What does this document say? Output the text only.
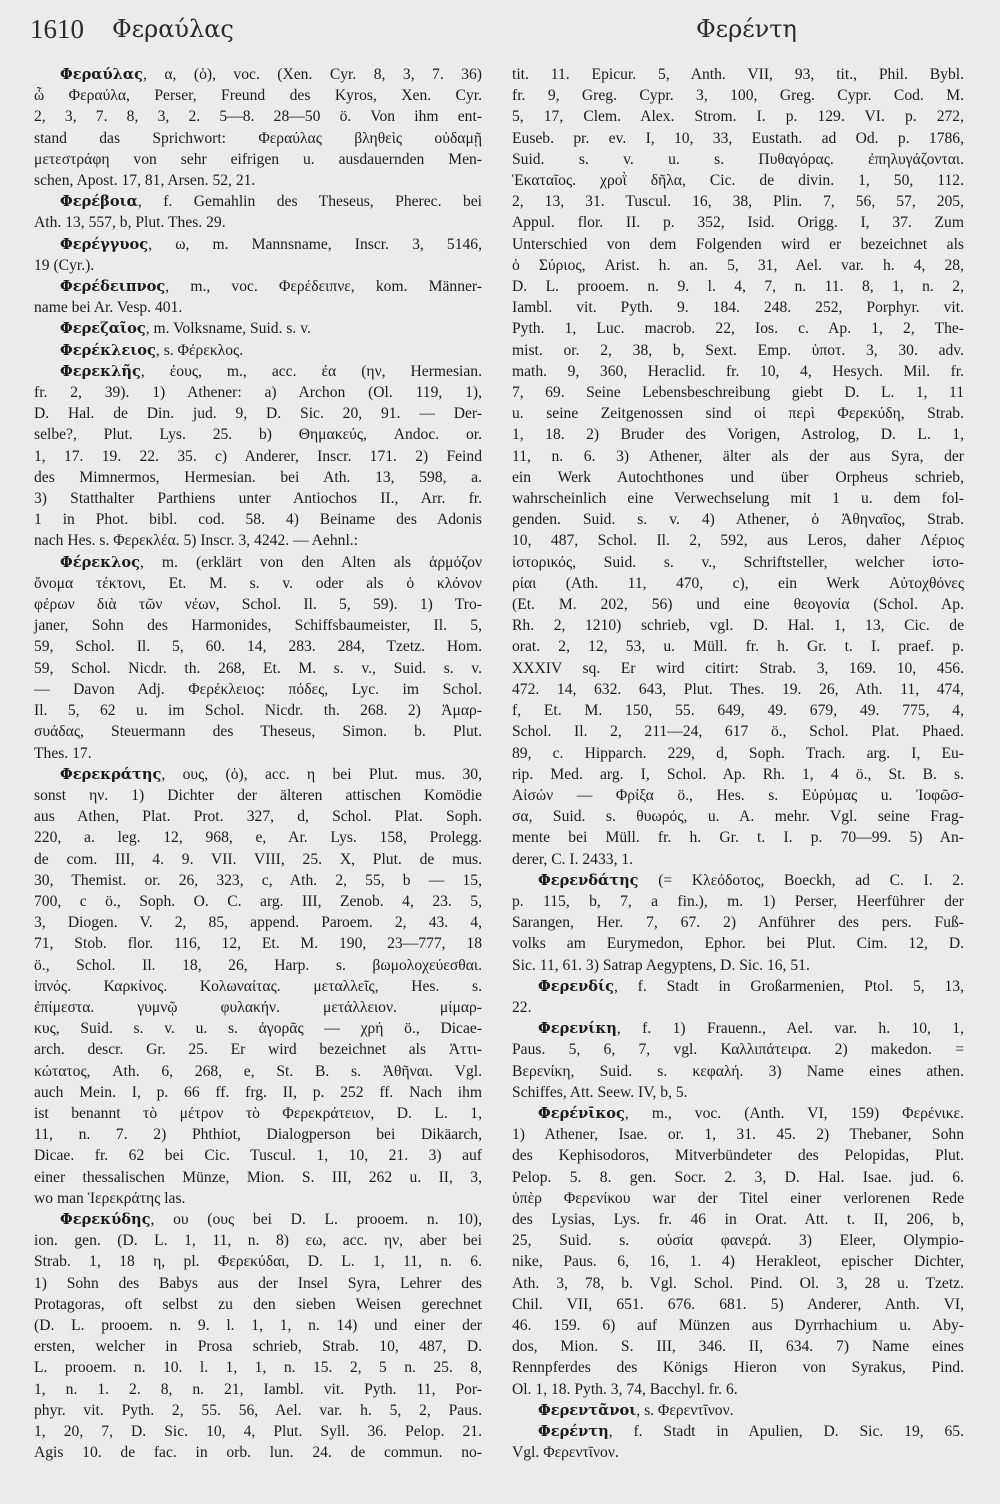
1610 Φεραύλας	Φερέντη
Φεραύλας, α, (ὁ), voc. (Xen. Cyr. 8, 3, 7. 36)
ὦ Φεραύλα, Perser, Freund des Kyros, Xen. Cyr.
2, 3, 7. 8, 3, 2. 5—8. 28—50 ö. Von ihm ent-
stand das Sprichwort: Φεραύλας βληθεὶς οὐδαμῇ
μετεστράφη von sehr eifrigen u. ausdauernden Men-
schen, Apost. 17, 81, Arsen. 52, 21.
Φερέβοια, f. Gemahlin des Theseus, Pherec. bei
Ath. 13, 557, b, Plut. Thes. 29.
Φερέγγυος, ω, m. Mannsname, Inscr. 3, 5146,
19 (Cyr.).
Φερέδειπνος, m., voc. Φερέδειπνε, kom. Männer-
name bei Ar. Vesp. 401.
Φερεζαῖος, m. Volksname, Suid. s. v.
Φερέκλειος, s. Φέρεκλος.
Φερεκλῆς, έους, m., acc. έα (ην, Hermesian.
fr. 2, 39). 1) Athener: a) Archon (Ol. 119, 1),
D. Hal. de Din. jud. 9, D. Sic. 20, 91. — Der-
selbe?, Plut. Lys. 25. b) Θημακεύς, Andoc. or.
1, 17. 19. 22. 35. c) Anderer, Inscr. 171. 2) Feind
des Mimnermos, Hermesian. bei Ath. 13, 598, a.
3) Statthalter Parthiens unter Antiochos II., Arr. fr.
1 in Phot. bibl. cod. 58. 4) Beiname des Adonis
nach Hes. s. Φερεκλέα. 5) Inscr. 3, 4242. — Aehnl.:
Φέρεκλος, m. (erklärt von den Alten als ἁρμόζον
ὄνομα τέκτονι, Et. M. s. v. oder als ὁ κλόνον
φέρων διὰ τῶν νέων, Schol. Il. 5, 59). 1) Tro-
janer, Sohn des Harmonides, Schiffsbaumeister, Il. 5,
59, Schol. Il. 5, 60. 14, 283. 284, Tzetz. Hom.
59, Schol. Nicdr. th. 268, Et. M. s. v., Suid. s. v.
— Davon Adj. Φερέκλειος: πόδες, Lyc. im Schol.
Il. 5, 62 u. im Schol. Nicdr. th. 268. 2) Ἀμαρ-
συάδας, Steuermann des Theseus, Simon. b. Plut.
Thes. 17.
Φερεκράτης, ους, (ὁ), acc. η bei Plut. mus. 30,
sonst ην. 1) Dichter der älteren attischen Komödie
aus Athen, Plat. Prot. 327, d, Schol. Plat. Soph.
220, a. leg. 12, 968, e, Ar. Lys. 158, Prolegg.
de com. III, 4. 9. VII. VIII, 25. X, Plut. de mus.
30, Themist. or. 26, 323, c, Ath. 2, 55, b — 15,
700, c ö., Soph. O. C. arg. III, Zenob. 4, 23. 5,
3, Diogen. V. 2, 85, append. Paroem. 2, 43. 4,
71, Stob. flor. 116, 12, Et. M. 190, 23—777, 18
ö., Schol. Il. 18, 26, Harp. s. βωμολοχεύεσθαι.
ἰπνός. Καρκίνος. Κολωναίτας. μεταλλεῖς, Hes. s.
ἐπίμεστα. γυμνῷ φυλακήν. μετάλλειον. μίμαρ-
κυς, Suid. s. v. u. s. ἀγορᾶς — χρή ö., Dicae-
arch. descr. Gr. 25. Er wird bezeichnet als Ἀττι-
κώτατος, Ath. 6, 268, e, St. B. s. Ἀθῆναι. Vgl.
auch Mein. I, p. 66 ff. frg. II, p. 252 ff. Nach ihm
ist benannt τὸ μέτρον τὸ Φερεκράτειον, D. L. 1,
11, n. 7. 2) Phthiot, Dialogperson bei Dikäarch,
Dicae. fr. 62 bei Cic. Tuscul. 1, 10, 21. 3) auf
einer thessalischen Münze, Mion. S. III, 262 u. II, 3,
wo man Ἱερεκράτης las.
Φερεκύδης, ου (ους bei D. L. prooem. n. 10),
ion. gen. (D. L. 1, 11, n. 8) εω, acc. ην, aber bei
Strab. 1, 18 η, pl. Φερεκύδαι, D. L. 1, 11, n. 6.
1) Sohn des Babys aus der Insel Syra, Lehrer des
Protagoras, oft selbst zu den sieben Weisen gerechnet
(D. L. prooem. n. 9. l. 1, 1, n. 14) und einer der
ersten, welcher in Prosa schrieb, Strab. 10, 487, D.
L. prooem. n. 10. l. 1, 1, n. 15. 2, 5 n. 25. 8,
1, n. 1. 2. 8, n. 21, Iambl. vit. Pyth. 11, Por-
phyr. vit. Pyth. 2, 55. 56, Ael. var. h. 5, 2, Paus.
1, 20, 7, D. Sic. 10, 4, Plut. Syll. 36. Pelop. 21.
Agis 10. de fac. in orb. lun. 24. de commun. no-
tit. 11. Epicur. 5, Anth. VII, 93, tit., Phil. Bybl.
fr. 9, Greg. Cypr. 3, 100, Greg. Cypr. Cod. M.
5, 17, Clem. Alex. Strom. I. p. 129. VI. p. 272,
Euseb. pr. ev. I, 10, 33, Eustath. ad Od. p. 1786,
Suid. s. v. u. s. Πυθαγόρας. ἐπηλυγάζονται.
Ἑκαταῖος. χροῒ δῆλα, Cic. de divin. 1, 50, 112.
2, 13, 31. Tuscul. 16, 38, Plin. 7, 56, 57, 205,
Appul. flor. II. p. 352, Isid. Origg. I, 37. Zum
Unterschied von dem Folgenden wird er bezeichnet als
ὁ Σύριος, Arist. h. an. 5, 31, Ael. var. h. 4, 28,
D. L. prooem. n. 9. l. 4, 7, n. 11. 8, 1, n. 2,
Iambl. vit. Pyth. 9. 184. 248. 252, Porphyr. vit.
Pyth. 1, Luc. macrob. 22, Ios. c. Ap. 1, 2, The-
mist. or. 2, 38, b, Sext. Emp. ὑποτ. 3, 30. adv.
math. 9, 360, Heraclid. fr. 10, 4, Hesych. Mil. fr.
7, 69. Seine Lebensbeschreibung giebt D. L. 1, 11
u. seine Zeitgenossen sind οἱ περὶ Φερεκύδη, Strab.
1, 18. 2) Bruder des Vorigen, Astrolog, D. L. 1,
11, n. 6. 3) Athener, älter als der aus Syra, der
ein Werk Autochthones und über Orpheus schrieb,
wahrscheinlich eine Verwechselung mit 1 u. dem fol-
genden. Suid. s. v. 4) Athener, ὁ Ἀθηναῖος, Strab.
10, 487, Schol. Il. 2, 592, aus Leros, daher Λέριος
ἱστορικός, Suid. s. v., Schriftsteller, welcher ἱστο-
ρίαι (Ath. 11, 470, c), ein Werk Αὐτοχθόνες
(Et. M. 202, 56) und eine θεογονία (Schol. Ap.
Rh. 2, 1210) schrieb, vgl. D. Hal. 1, 13, Cic. de
orat. 2, 12, 53, u. Müll. fr. h. Gr. t. I. praef. p.
XXXIV sq. Er wird citirt: Strab. 3, 169. 10, 456.
472. 14, 632. 643, Plut. Thes. 19. 26, Ath. 11, 474,
f, Et. M. 150, 55. 649, 49. 679, 49. 775, 4,
Schol. Il. 2, 211—24, 617 ö., Schol. Plat. Phaed.
89, c. Hipparch. 229, d, Soph. Trach. arg. I, Eu-
rip. Med. arg. I, Schol. Ap. Rh. 1, 4 ö., St. B. s.
Αἰσών — Φρίξα ö., Hes. s. Εὐρύμας u. Ἰοφῶσ-
σα, Suid. s. θυωρός, u. A. mehr. Vgl. seine Frag-
mente bei Müll. fr. h. Gr. t. I. p. 70—99. 5) An-
derer, C. I. 2433, 1.
Φερενδάτης (= Κλεόδοτος, Boeckh, ad C. I. 2.
p. 115, b, 7, a fin.), m. 1) Perser, Heerführer der
Sarangen, Her. 7, 67. 2) Anführer des pers. Fuß-
volks am Eurymedon, Ephor. bei Plut. Cim. 12, D.
Sic. 11, 61. 3) Satrap Aegyptens, D. Sic. 16, 51.
Φερενδίς, f. Stadt in Großarmenien, Ptol. 5, 13,
22.
Φερενίκη, f. 1) Frauenn., Ael. var. h. 10, 1,
Paus. 5, 6, 7, vgl. Καλλιπάτειρα. 2) makedon. =
Βερενίκη, Suid. s. κεφαλή. 3) Name eines athen.
Schiffes, Att. Seew. IV, b, 5.
Φερένῑκος, m., voc. (Anth. VI, 159) Φερένικε.
1) Athener, Isae. or. 1, 31. 45. 2) Thebaner, Sohn
des Kephisodoros, Mitverbündeter des Pelopidas, Plut.
Pelop. 5. 8. gen. Socr. 2. 3, D. Hal. Isae. jud. 6.
ὑπὲρ Φερενίκου war der Titel einer verlorenen Rede
des Lysias, Lys. fr. 46 in Orat. Att. t. II, 206, b,
25, Suid. s. οὐσία φανερά. 3) Eleer, Olympio-
nike, Paus. 6, 16, 1. 4) Herakleot, epischer Dichter,
Ath. 3, 78, b. Vgl. Schol. Pind. Ol. 3, 28 u. Tzetz.
Chil. VII, 651. 676. 681. 5) Anderer, Anth. VI,
46. 159. 6) auf Münzen aus Dyrrhachium u. Aby-
dos, Mion. S. III, 346. II, 634. 7) Name eines
Rennpferdes des Königs Hieron von Syrakus, Pind.
Ol. 1, 18. Pyth. 3, 74, Bacchyl. fr. 6.
Φερεντᾶνοι, s. Φερεντῖνον.
Φερέντη, f. Stadt in Apulien, D. Sic. 19, 65.
Vgl. Φερεντῖνον.
